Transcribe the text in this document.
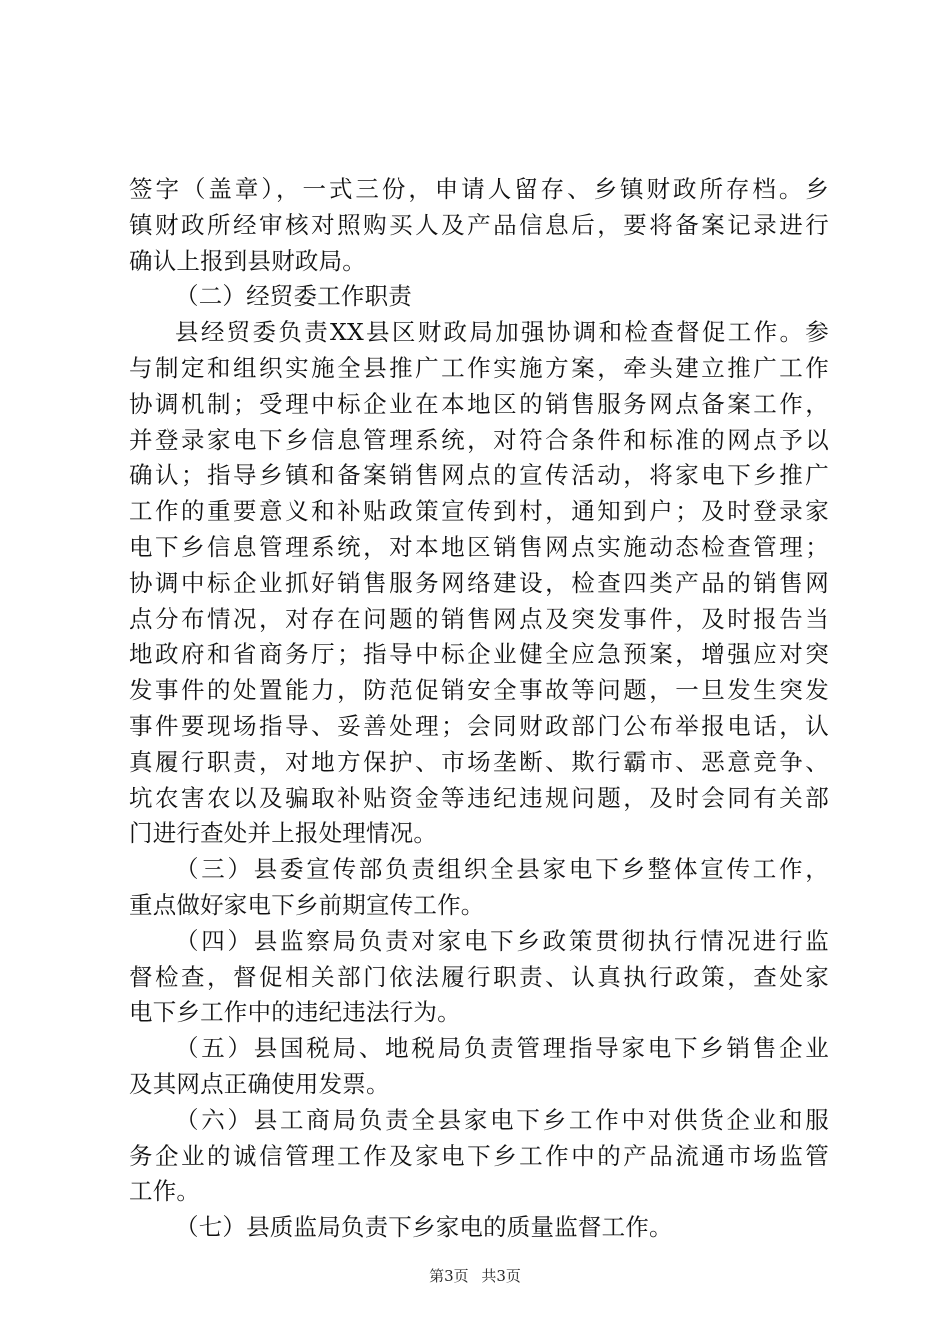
签字（盖章），一式三份，申请人留存、乡镇财政所存档。乡
镇财政所经审核对照购买人及产品信息后，要将备案记录进行
确认上报到县财政局。
（二）经贸委工作职责
县经贸委负责XX县区财政局加强协调和检查督促工作。参
与制定和组织实施全县推广工作实施方案，牵头建立推广工作
协调机制；受理中标企业在本地区的销售服务网点备案工作，
并登录家电下乡信息管理系统，对符合条件和标准的网点予以
确认；指导乡镇和备案销售网点的宣传活动，将家电下乡推广
工作的重要意义和补贴政策宣传到村，通知到户；及时登录家
电下乡信息管理系统，对本地区销售网点实施动态检查管理；
协调中标企业抓好销售服务网络建设，检查四类产品的销售网
点分布情况，对存在问题的销售网点及突发事件，及时报告当
地政府和省商务厅；指导中标企业健全应急预案，增强应对突
发事件的处置能力，防范促销安全事故等问题，一旦发生突发
事件要现场指导、妥善处理；会同财政部门公布举报电话，认
真履行职责，对地方保护、市场垄断、欺行霸市、恶意竞争、
坑农害农以及骗取补贴资金等违纪违规问题，及时会同有关部
门进行查处并上报处理情况。
（三）县委宣传部负责组织全县家电下乡整体宣传工作，
重点做好家电下乡前期宣传工作。
（四）县监察局负责对家电下乡政策贯彻执行情况进行监
督检查，督促相关部门依法履行职责、认真执行政策，查处家
电下乡工作中的违纪违法行为。
（五）县国税局、地税局负责管理指导家电下乡销售企业
及其网点正确使用发票。
（六）县工商局负责全县家电下乡工作中对供货企业和服
务企业的诚信管理工作及家电下乡工作中的产品流通市场监管
工作。
（七）县质监局负责下乡家电的质量监督工作。
第3页 共3页
